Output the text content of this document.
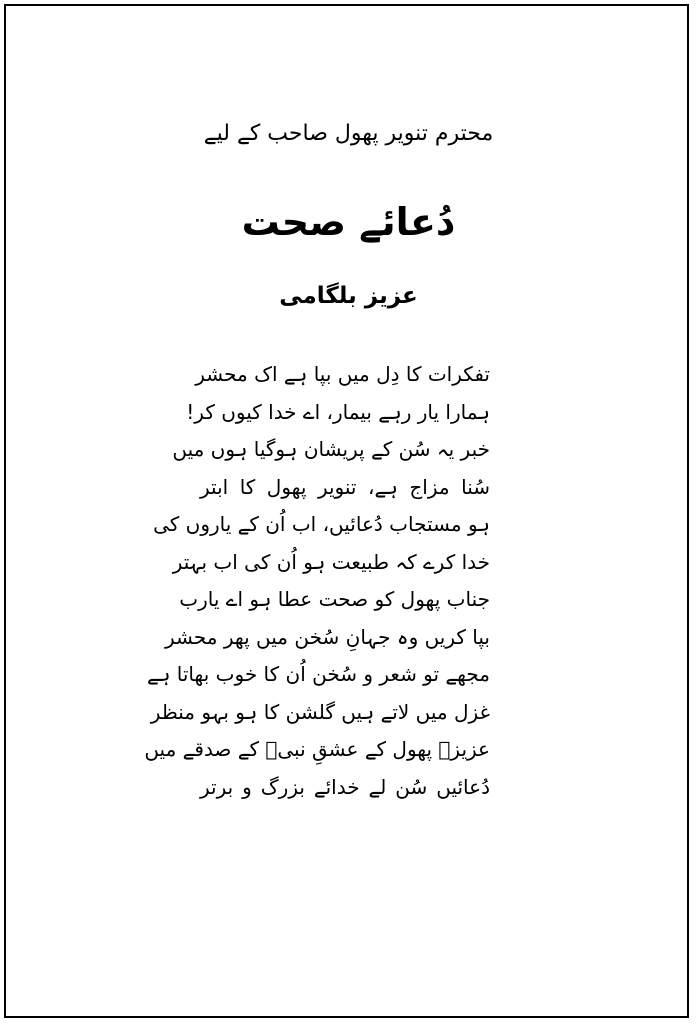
محترم تنویر پھول صاحب کے لیے
دُعائے صحت
عزیز بلگامی
تفکرات کا دِل میں بپا ہے اک محشر
ہمارا یار رہے بیمار، اے خدا کیوں کر!
خبر یہ سُن کے پریشان ہوگیا ہوں میں
سُنا مزاج ہے، تنویر پھول کا ابتر
ہو مستجاب دُعائیں، اب اُن کے یاروں کی
خدا کرے کہ طبیعت ہو اُن کی اب بہتر
جناب پھول کو صحت عطا ہو اے یارب
بپا کریں وہ جہانِ سُخن میں پھر محشر
مجھے تو شعر و سُخن اُن کا خوب بھاتا ہے
غزل میں لاتے ہیں گلشن کا ہو بہو منظر
عزیزؔ پھول کے عشقِ نبیؐ کے صدقے میں
دُعائیں سُن لے خدائے بزرگ و برتر
